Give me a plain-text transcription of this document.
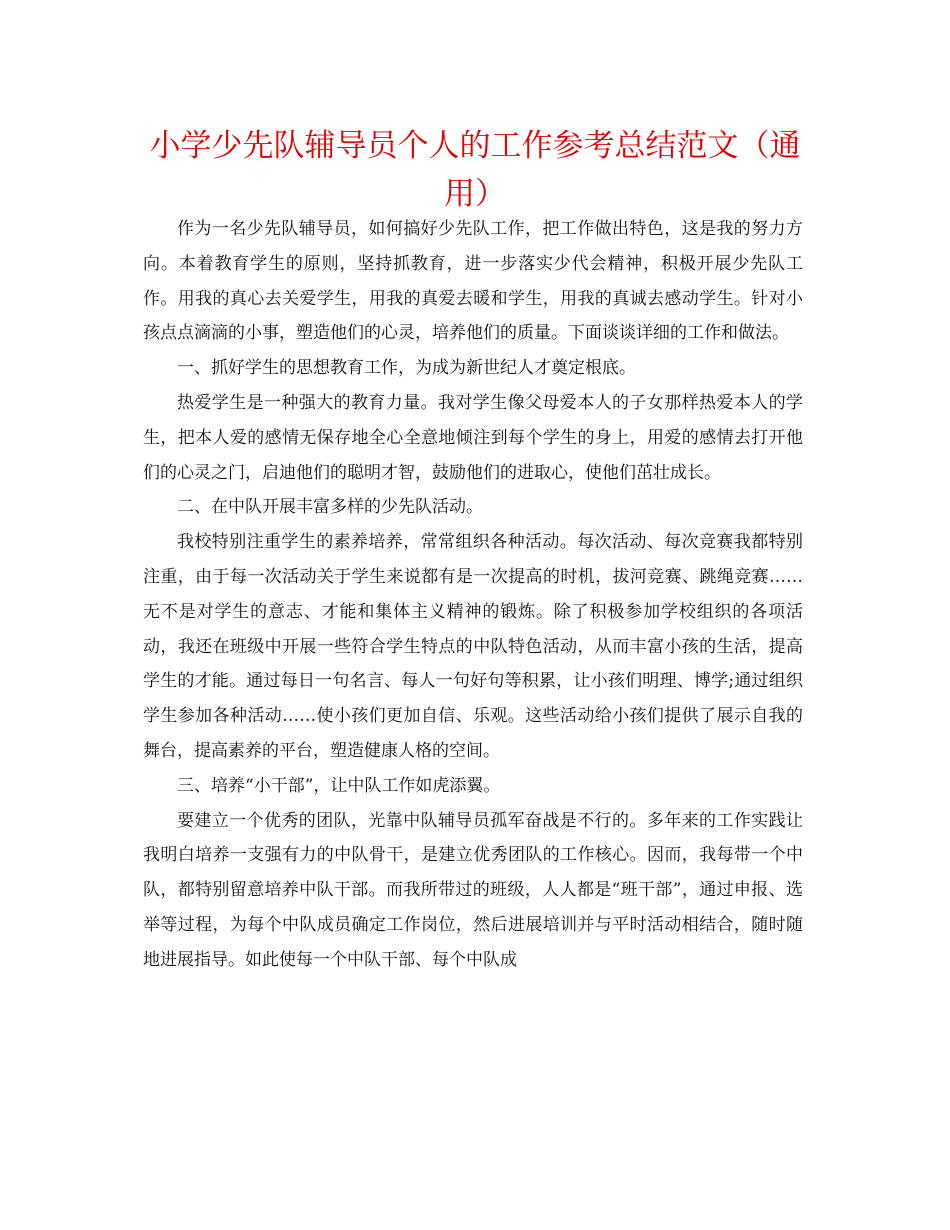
小学少先队辅导员个人的工作参考总结范文（通用）

作为一名少先队辅导员，如何搞好少先队工作，把工作做出特色，这是我的努力方向。本着教育学生的原则，坚持抓教育，进一步落实少代会精神，积极开展少先队工作。用我的真心去关爱学生，用我的真爱去暖和学生，用我的真诚去感动学生。针对小孩点点滴滴的小事，塑造他们的心灵，培养他们的质量。下面谈谈详细的工作和做法。

一、抓好学生的思想教育工作，为成为新世纪人才奠定根底。

热爱学生是一种强大的教育力量。我对学生像父母爱本人的子女那样热爱本人的学生，把本人爱的感情无保存地全心全意地倾注到每个学生的身上，用爱的感情去打开他们的心灵之门，启迪他们的聪明才智，鼓励他们的进取心，使他们茁壮成长。

二、在中队开展丰富多样的少先队活动。

我校特别注重学生的素养培养，常常组织各种活动。每次活动、每次竞赛我都特别注重，由于每一次活动关于学生来说都有是一次提高的时机，拔河竞赛、跳绳竞赛……无不是对学生的意志、才能和集体主义精神的锻炼。除了积极参加学校组织的各项活动，我还在班级中开展一些符合学生特点的中队特色活动，从而丰富小孩的生活，提高学生的才能。通过每日一句名言、每人一句好句等积累，让小孩们明理、博学;通过组织学生参加各种活动……使小孩们更加自信、乐观。这些活动给小孩们提供了展示自我的舞台，提高素养的平台，塑造健康人格的空间。

三、培养“小干部”，让中队工作如虎添翼。

要建立一个优秀的团队，光靠中队辅导员孤军奋战是不行的。多年来的工作实践让我明白培养一支强有力的中队骨干，是建立优秀团队的工作核心。因而，我每带一个中队，都特别留意培养中队干部。而我所带过的班级，人人都是“班干部”，通过申报、选举等过程，为每个中队成员确定工作岗位，然后进展培训并与平时活动相结合，随时随地进展指导。如此使每一个中队干部、每个中队成
